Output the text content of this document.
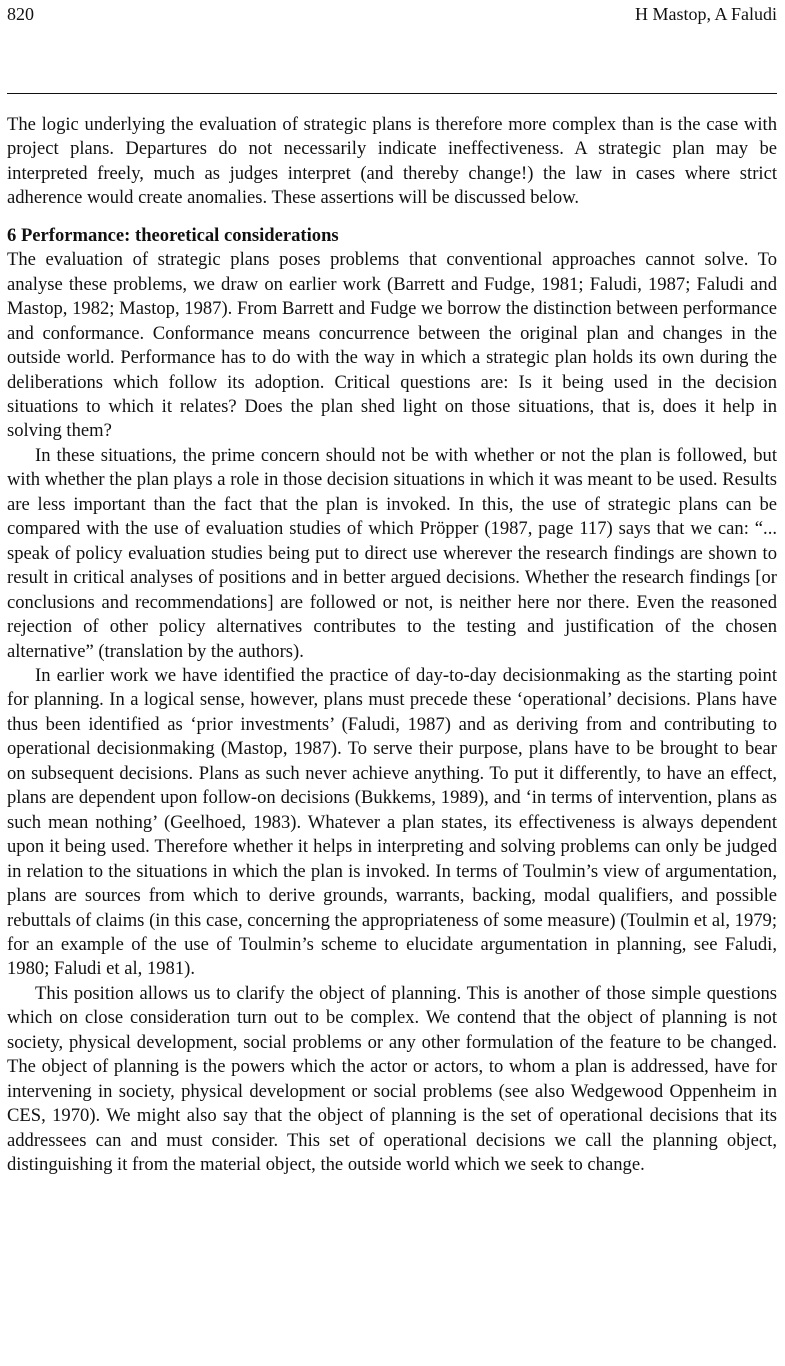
820	H Mastop, A Faludi

The logic underlying the evaluation of strategic plans is therefore more complex than is the case with project plans. Departures do not necessarily indicate ineffectiveness. A strategic plan may be interpreted freely, much as judges interpret (and thereby change!) the law in cases where strict adherence would create anomalies. These assertions will be discussed below.

6 Performance: theoretical considerations

The evaluation of strategic plans poses problems that conventional approaches cannot solve. To analyse these problems, we draw on earlier work (Barrett and Fudge, 1981; Faludi, 1987; Faludi and Mastop, 1982; Mastop, 1987). From Barrett and Fudge we borrow the distinction between performance and conformance. Conformance means concurrence between the original plan and changes in the outside world. Performance has to do with the way in which a strategic plan holds its own during the deliberations which follow its adoption. Critical questions are: Is it being used in the decision situations to which it relates? Does the plan shed light on those situations, that is, does it help in solving them?

In these situations, the prime concern should not be with whether or not the plan is followed, but with whether the plan plays a role in those decision situations in which it was meant to be used. Results are less important than the fact that the plan is invoked. In this, the use of strategic plans can be compared with the use of evaluation studies of which Pröpper (1987, page 117) says that we can: “... speak of policy evaluation studies being put to direct use wherever the research findings are shown to result in critical analyses of positions and in better argued decisions. Whether the research findings [or conclusions and recommendations] are followed or not, is neither here nor there. Even the reasoned rejection of other policy alternatives contributes to the testing and justification of the chosen alternative” (translation by the authors).

In earlier work we have identified the practice of day-to-day decisionmaking as the starting point for planning. In a logical sense, however, plans must precede these ‘operational’ decisions. Plans have thus been identified as ‘prior investments’ (Faludi, 1987) and as deriving from and contributing to operational decisionmaking (Mastop, 1987). To serve their purpose, plans have to be brought to bear on subsequent decisions. Plans as such never achieve anything. To put it differently, to have an effect, plans are dependent upon follow-on decisions (Bukkems, 1989), and ‘in terms of intervention, plans as such mean nothing’ (Geelhoed, 1983). Whatever a plan states, its effectiveness is always dependent upon it being used. Therefore whether it helps in interpreting and solving problems can only be judged in relation to the situations in which the plan is invoked. In terms of Toulmin’s view of argumentation, plans are sources from which to derive grounds, warrants, backing, modal qualifiers, and possible rebuttals of claims (in this case, concerning the appropriateness of some measure) (Toulmin et al, 1979; for an example of the use of Toulmin’s scheme to elucidate argumentation in planning, see Faludi, 1980; Faludi et al, 1981).

This position allows us to clarify the object of planning. This is another of those simple questions which on close consideration turn out to be complex. We contend that the object of planning is not society, physical development, social problems or any other formulation of the feature to be changed. The object of planning is the powers which the actor or actors, to whom a plan is addressed, have for intervening in society, physical development or social problems (see also Wedgewood Oppenheim in CES, 1970). We might also say that the object of planning is the set of operational decisions that its addressees can and must consider. This set of operational decisions we call the planning object, distinguishing it from the material object, the outside world which we seek to change.
